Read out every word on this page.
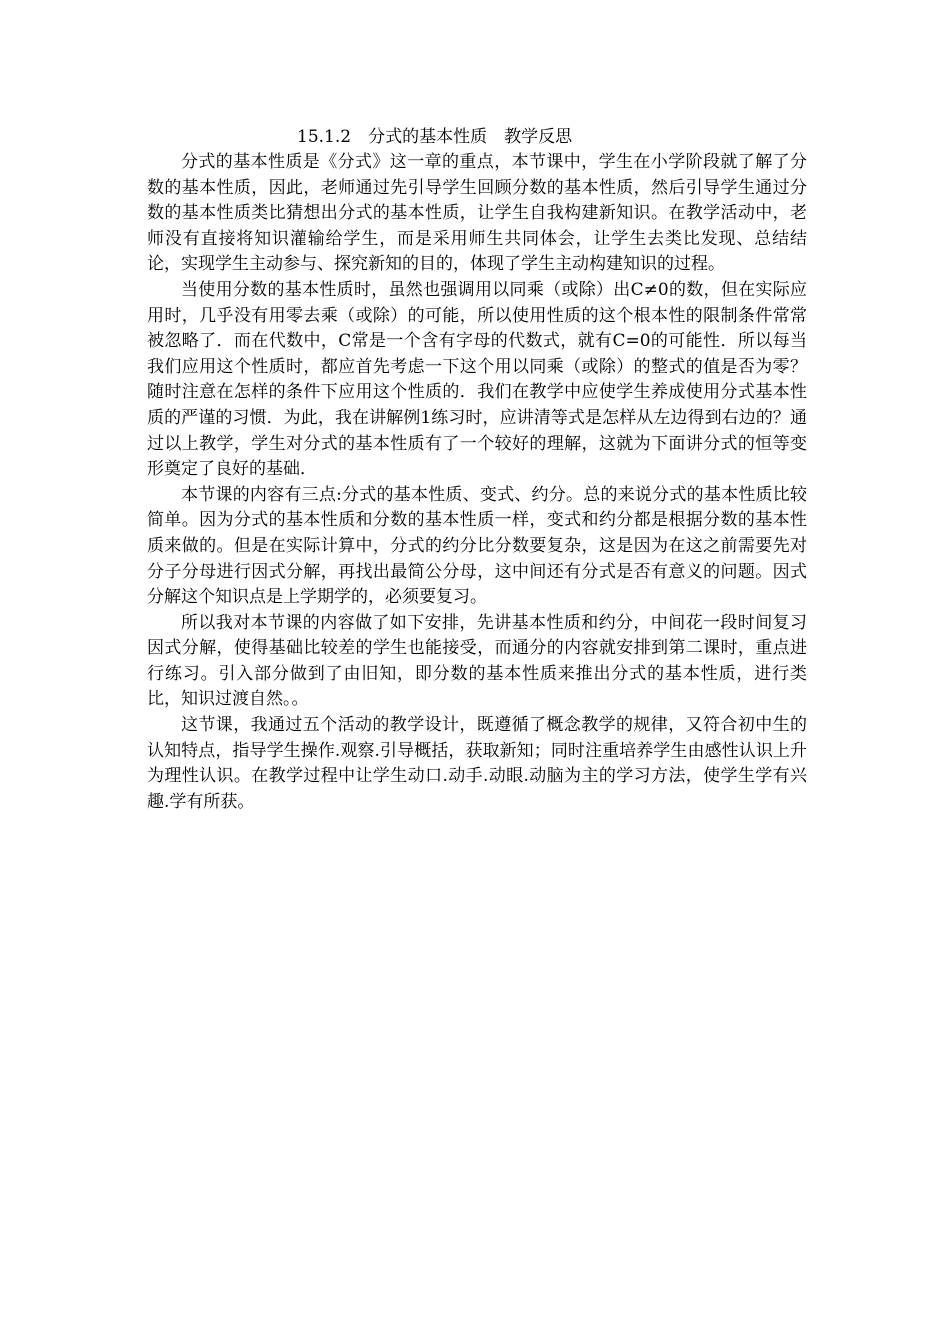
15.1.2　分式的基本性质　教学反思

分式的基本性质是《分式》这一章的重点，本节课中，学生在小学阶段就了解了分数的基本性质，因此，老师通过先引导学生回顾分数的基本性质，然后引导学生通过分数的基本性质类比猜想出分式的基本性质，让学生自我构建新知识。在教学活动中，老师没有直接将知识灌输给学生，而是采用师生共同体会，让学生去类比发现、总结结论，实现学生主动参与、探究新知的目的，体现了学生主动构建知识的过程。

当使用分数的基本性质时，虽然也强调用以同乘（或除）出C≠0的数，但在实际应用时，几乎没有用零去乘（或除）的可能，所以使用性质的这个根本性的限制条件常常被忽略了．而在代数中，C常是一个含有字母的代数式，就有C=0的可能性．所以每当我们应用这个性质时，都应首先考虑一下这个用以同乘（或除）的整式的值是否为零？随时注意在怎样的条件下应用这个性质的．我们在教学中应使学生养成使用分式基本性质的严谨的习惯．为此，我在讲解例1练习时，应讲清等式是怎样从左边得到右边的？通过以上教学，学生对分式的基本性质有了一个较好的理解，这就为下面讲分式的恒等变形奠定了良好的基础．

本节课的内容有三点:分式的基本性质、变式、约分。总的来说分式的基本性质比较简单。因为分式的基本性质和分数的基本性质一样，变式和约分都是根据分数的基本性质来做的。但是在实际计算中，分式的约分比分数要复杂，这是因为在这之前需要先对分子分母进行因式分解，再找出最简公分母，这中间还有分式是否有意义的问题。因式分解这个知识点是上学期学的，必须要复习。

所以我对本节课的内容做了如下安排，先讲基本性质和约分，中间花一段时间复习因式分解，使得基础比较差的学生也能接受，而通分的内容就安排到第二课时，重点进行练习。引入部分做到了由旧知，即分数的基本性质来推出分式的基本性质，进行类比，知识过渡自然。。

这节课，我通过五个活动的教学设计，既遵循了概念教学的规律，又符合初中生的认知特点，指导学生操作.观察.引导概括，获取新知；同时注重培养学生由感性认识上升为理性认识。在教学过程中让学生动口.动手.动眼.动脑为主的学习方法，使学生学有兴趣.学有所获。
